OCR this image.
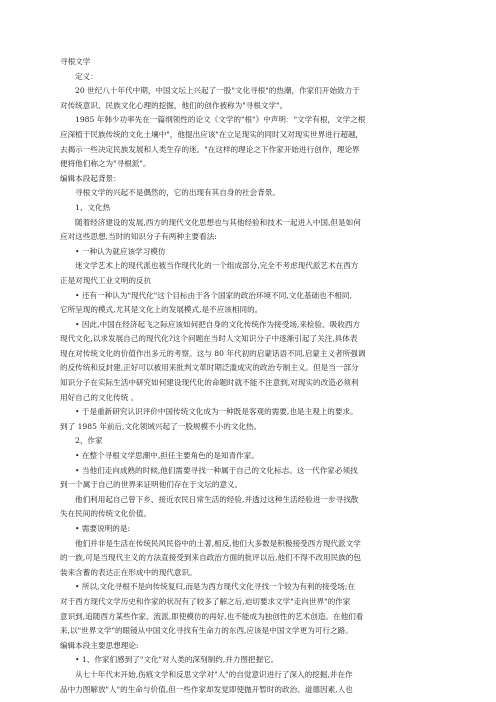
寻根文学
定义：
20 世纪八十年代中期，中国文坛上兴起了一股"文化寻根"的热潮，作家们开始致力于
对传统意识、民族文化心理的挖掘，他们的创作被称为"寻根文学"。
1985 年韩少功率先在一篇纲领性的论文《文学的"根"》中声明："文学有根，文学之根
应深植于民族传统的文化土壤中"，他提出应该"在立足现实的同时又对现实世界进行超越，
去揭示一些决定民族发展和人类生存的迷。"在这样的理论之下作家开始进行创作，理论界
便将他们称之为"寻根派"。
编辑本段起背景：
寻根文学的兴起不是偶然的，它的出现有其自身的社会背景。
1、文化热
随着经济建设的发展,西方的现代文化思想也与其他经验和技术一起进入中国,但是如何
应对这些思想,当时的知识分子有两种主要看法:
• 一种认为就应该学习模仿
迷文学艺术上的现代派也被当作现代化的一个组成部分,完全不考虑现代派艺术在西方
正是对现代工业文明的反抗
• 还有一种认为"现代化"这个目标由于各个国家的政治环境不同,文化基础也不相同,
它所呈现的模式,尤其是文化上的发展模式,是不应该相同的。
• 因此,中国在经济起飞之际应该如何把自身的文化传统作为接受场,来检验、吸收西方
现代文化,以求发展自己的现代化?这个问题在当时人文知识分子中逐渐引起了关注,具体表
现在对传统文化的价值作出多元的考察。这与 80 年代初的启蒙话语不同,启蒙主义者所强调
的反传统和反封建,正好可以被用来批判文革时期泛滥成灾的政治专制主义。但是当一部分
知识分子在实际生活中研究如何建设现代化的命题时就不能不注意到,对现实的改造必须利
用好自己的文化传统 。
• 于是重新研究认识评价中国传统文化成为一种既是客观的需要,也是主观上的要求。
到了 1985 年前后,文化领域兴起了一股规模不小的文化热。
2、作家
• 在整个寻根文学思潮中,担任主要角色的是知青作家。
• 当他们走向成熟的时候,他们需要寻找一种属于自己的文化标志。这一代作家必须找
到一个属于自己的世界来证明他们存在于文坛的意义。
他们利用起自己曾下乡、接近农民日常生活的经验,并透过这种生活经验进一步寻找散
失在民间的传统文化价值。
• 需要说明的是:
他们并非是生活在传统民风民俗中的土著,相反,他们大多数是积极接受西方现代派文学
的一族,可是当现代主义的方法直接受到来自政治方面的批评以后,他们不得不改用民族的包
装来含蓄的表达正在形成中的现代意识。
• 所以,文化寻根不是向传统复归,而是为西方现代文化寻找一个较为有利的接受场;在
对于西方现代文学历史和作家的状况有了较多了解之后,迫切要求文学"走向世界"的作家
意识到,追随西方某些作家、流派,即使模仿的再好,也不能成为独创性的艺术创造。在他们看
来,以"世界文学"的眼镜从中国文化寻找有生命力的东西,应该是中国文学更为可行之路。
编辑本段主要思想理论:
• 1、作家们感到了"文化"对人类的深刻制约,并力图把握它。
从七十年代末开始,伤痕文学和反思文学对"人"的自觉意识进行了深入的挖掘,并在作
品中力图解放"人"的生命与价值,但一些作家却发觉即使抛开暂时的政治、道德因素,人也
